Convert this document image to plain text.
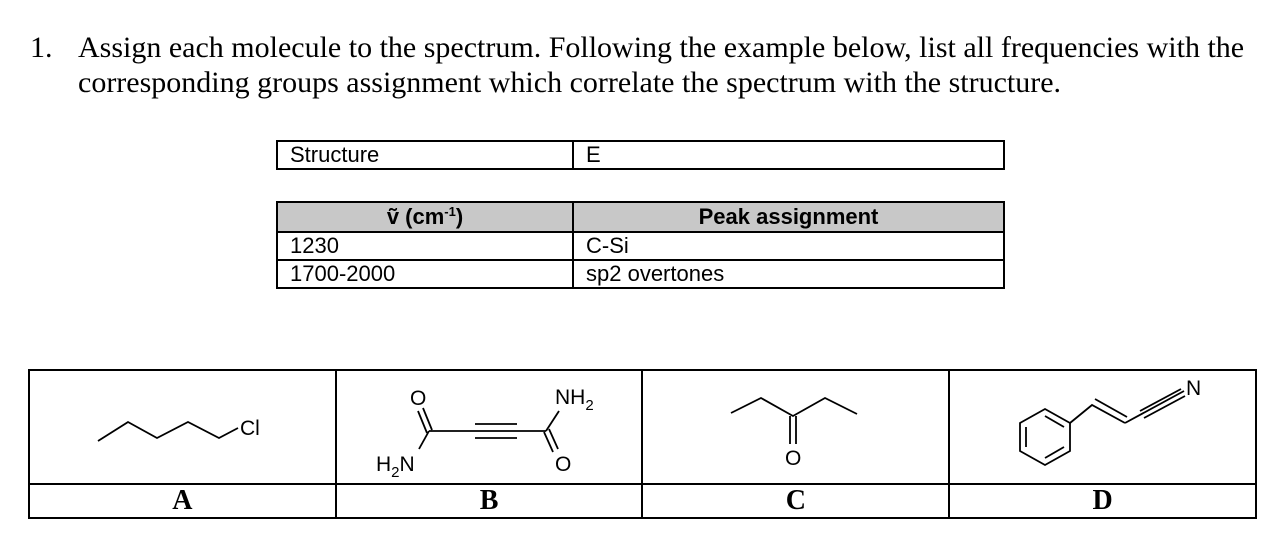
1. Assign each molecule to the spectrum. Following the example below, list all frequencies with the corresponding groups assignment which correlate the spectrum with the structure.
Structure	E
ṽ $(cm^{-1})$	Peak assignment
1230	C-Si
1700-2000	sp2 overtones
Cl	O $NH_2$
$H_2N$ O	O	N

A	B	C	D
